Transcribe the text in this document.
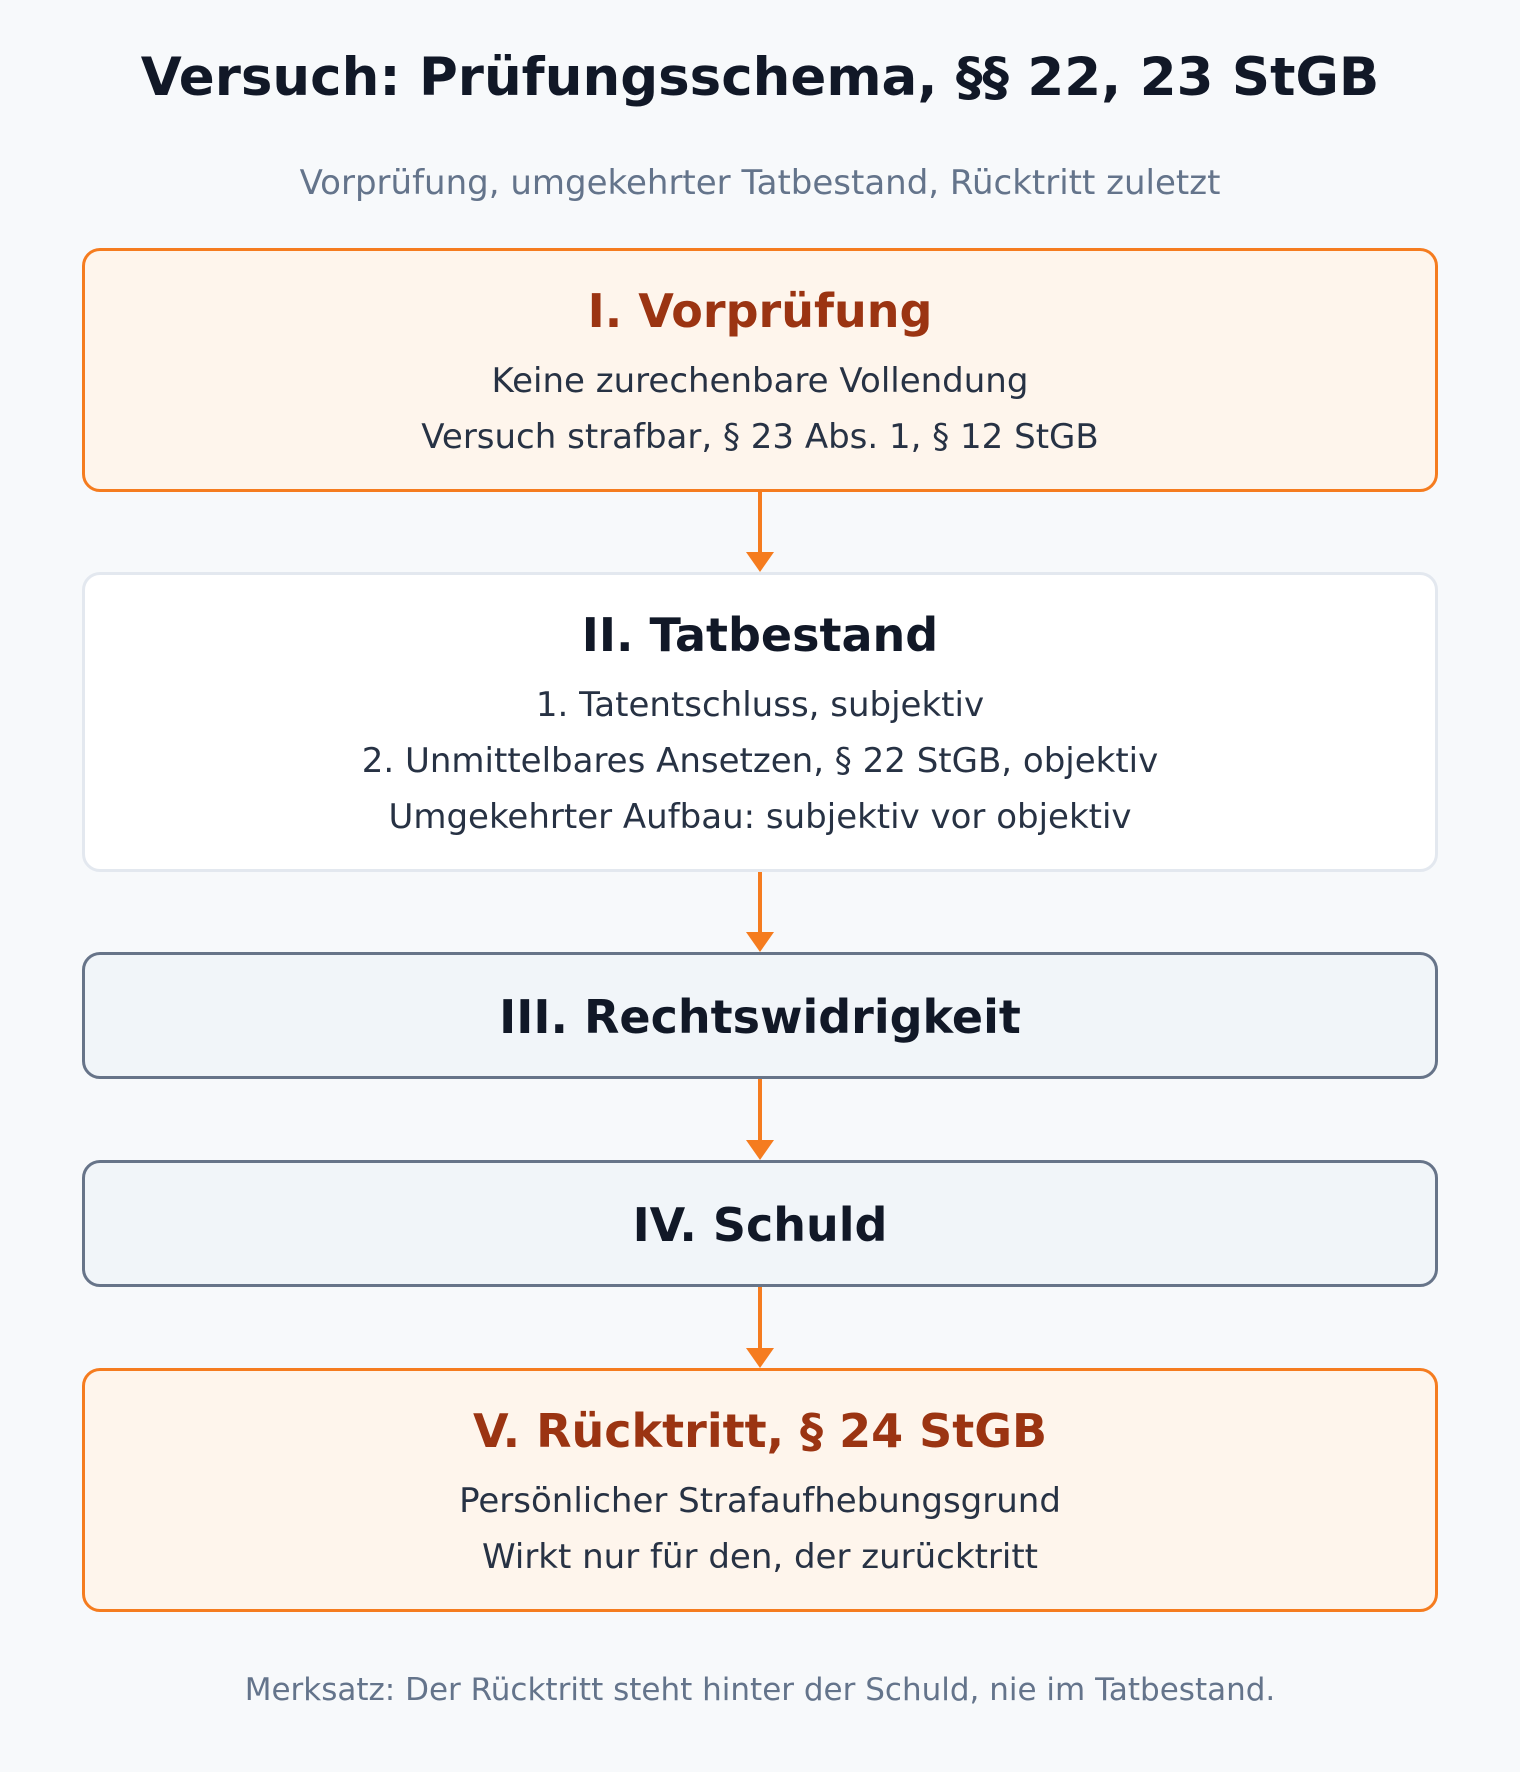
Versuch: Prüfungsschema, §§ 22, 23 StGB
Vorprüfung, umgekehrter Tatbestand, Rücktritt zuletzt
I. Vorprüfung
Keine zurechenbare Vollendung
Versuch strafbar, § 23 Abs. 1, § 12 StGB
II. Tatbestand
1. Tatentschluss, subjektiv
2. Unmittelbares Ansetzen, § 22 StGB, objektiv
Umgekehrter Aufbau: subjektiv vor objektiv
III. Rechtswidrigkeit
IV. Schuld
V. Rücktritt, § 24 StGB
Persönlicher Strafaufhebungsgrund
Wirkt nur für den, der zurücktritt
Merksatz: Der Rücktritt steht hinter der Schuld, nie im Tatbestand.
